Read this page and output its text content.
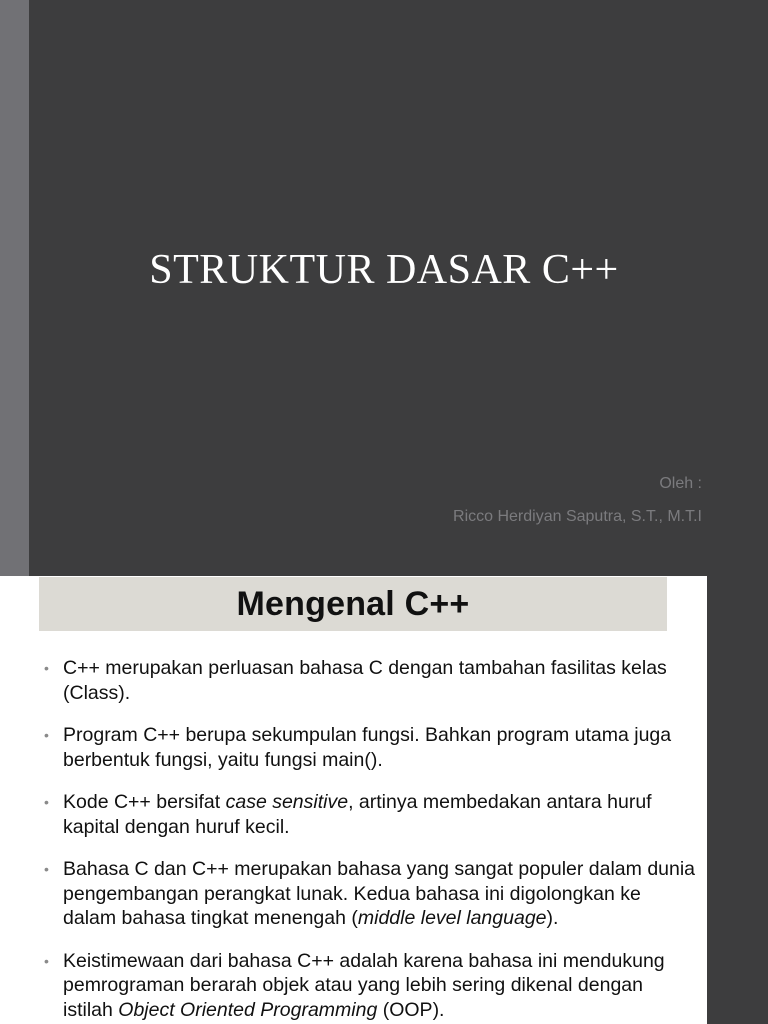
STRUKTUR DASAR C++
Oleh :
Ricco Herdiyan Saputra, S.T., M.T.I
Mengenal C++
• C++ merupakan perluasan bahasa C dengan tambahan fasilitas kelas (Class).
• Program C++ berupa sekumpulan fungsi. Bahkan program utama juga berbentuk fungsi, yaitu fungsi main().
• Kode C++ bersifat case sensitive, artinya membedakan antara huruf kapital dengan huruf kecil.
• Bahasa C dan C++ merupakan bahasa yang sangat populer dalam dunia pengembangan perangkat lunak. Kedua bahasa ini digolongkan ke dalam bahasa tingkat menengah (middle level language).
• Keistimewaan dari bahasa C++ adalah karena bahasa ini mendukung pemrograman berarah objek atau yang lebih sering dikenal dengan istilah Object Oriented Programming (OOP).
